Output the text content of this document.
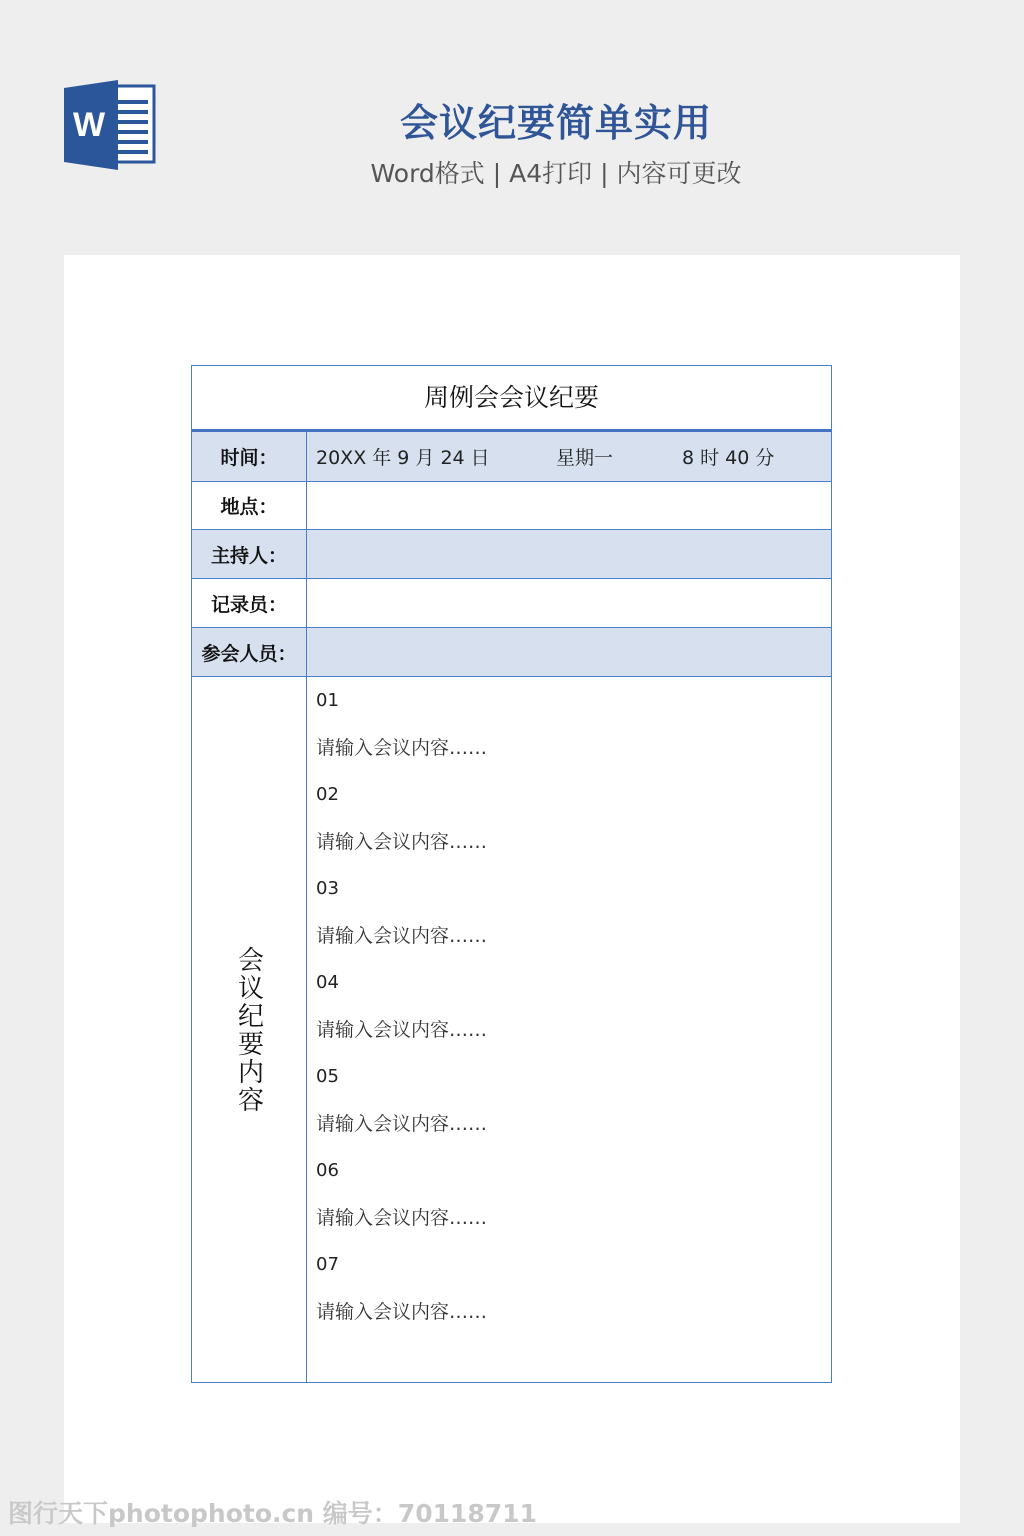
W	会议纪要简单实用
Word格式 | A4打印 | 内容可更改
周例会会议纪要
时间：	20XX 年 9 月 24 日	星期一	8 时 40 分
地点：
主持人：
记录员：
参会人员：
会议纪要内容
01
请输入会议内容……
02
请输入会议内容……
03
请输入会议内容……
04
请输入会议内容……
05
请输入会议内容……
06
请输入会议内容……
07
请输入会议内容……
图行天下photophoto.cn 编号：70118711
